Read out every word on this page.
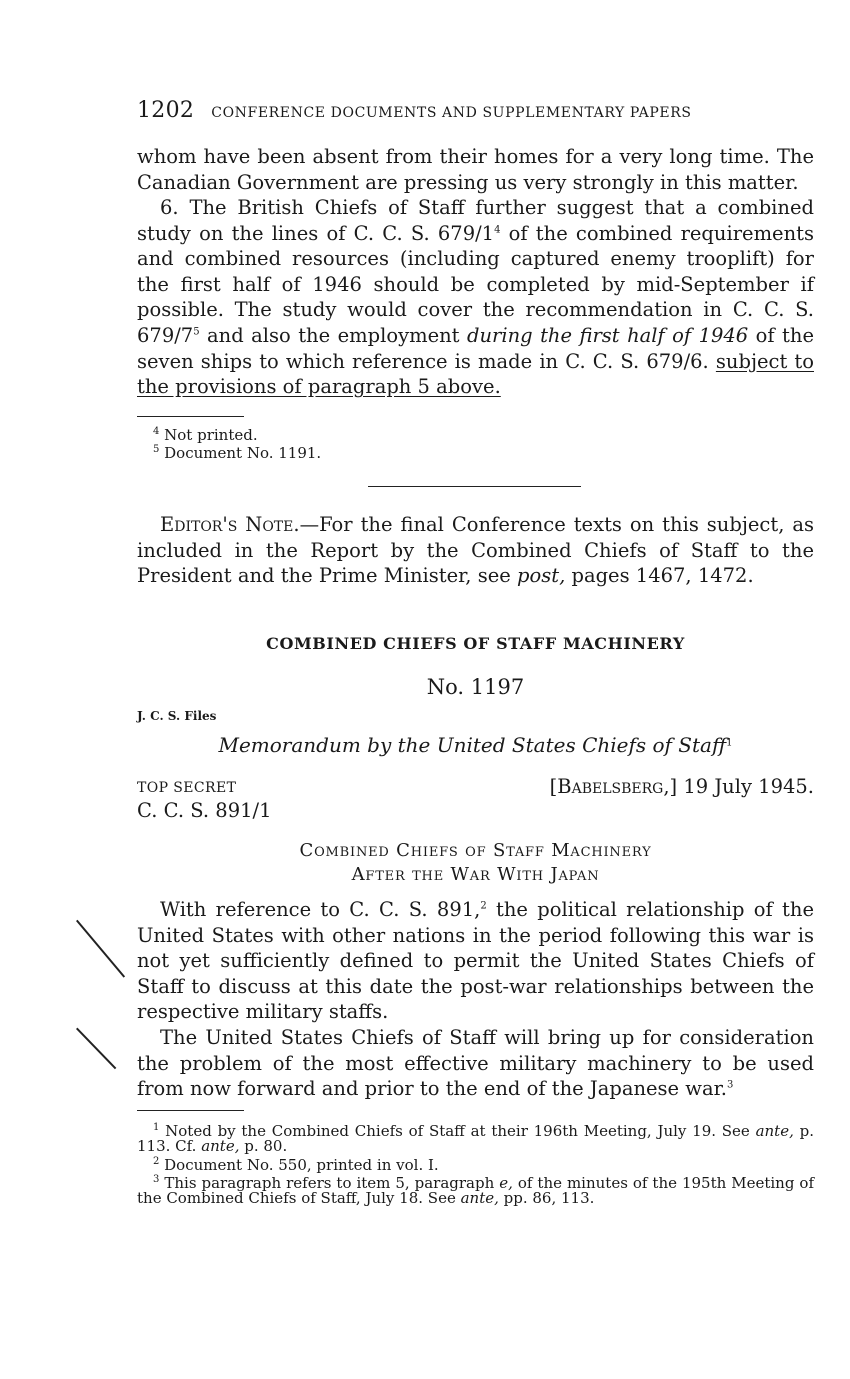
1202 CONFERENCE DOCUMENTS AND SUPPLEMENTARY PAPERS
whom have been absent from their homes for a very long time. The Canadian Government are pressing us very strongly in this matter.
6. The British Chiefs of Staff further suggest that a combined study on the lines of C. C. S. $679/1^4$ of the combined requirements and combined resources (including captured enemy trooplift) for the first half of 1946 should be completed by mid-September if possible. The study would cover the recommendation in C. C. S. $679/7^5$ and also the employment during the first half of 1946 of the seven ships to which reference is made in C. C. S. 679/6. subject to the provisions of paragraph 5 above.
$^4$ Not printed.
$^5$ Document No. 1191.
Editor's Note.—For the final Conference texts on this subject, as included in the Report by the Combined Chiefs of Staff to the President and the Prime Minister, see post, pages 1467, 1472.
COMBINED CHIEFS OF STAFF MACHINERY
No. 1197
J. C. S. Files
Memorandum by the United States Chiefs of Staff$^1$
TOP SECRET	[Babelsberg,] 19 July 1945.
C. C. S. 891/1
Combined Chiefs of Staff Machinery
After the War With Japan
With reference to C. C. S. 891,$^2$ the political relationship of the United States with other nations in the period following this war is not yet sufficiently defined to permit the United States Chiefs of Staff to discuss at this date the post-war relationships between the respective military staffs.
The United States Chiefs of Staff will bring up for consideration the problem of the most effective military machinery to be used from now forward and prior to the end of the Japanese war.$^3$
$^1$ Noted by the Combined Chiefs of Staff at their 196th Meeting, July 19. See ante, p. 113. Cf. ante, p. 80.
$^2$ Document No. 550, printed in vol. I.
$^3$ This paragraph refers to item 5, paragraph e, of the minutes of the 195th Meeting of the Combined Chiefs of Staff, July 18. See ante, pp. 86, 113.
